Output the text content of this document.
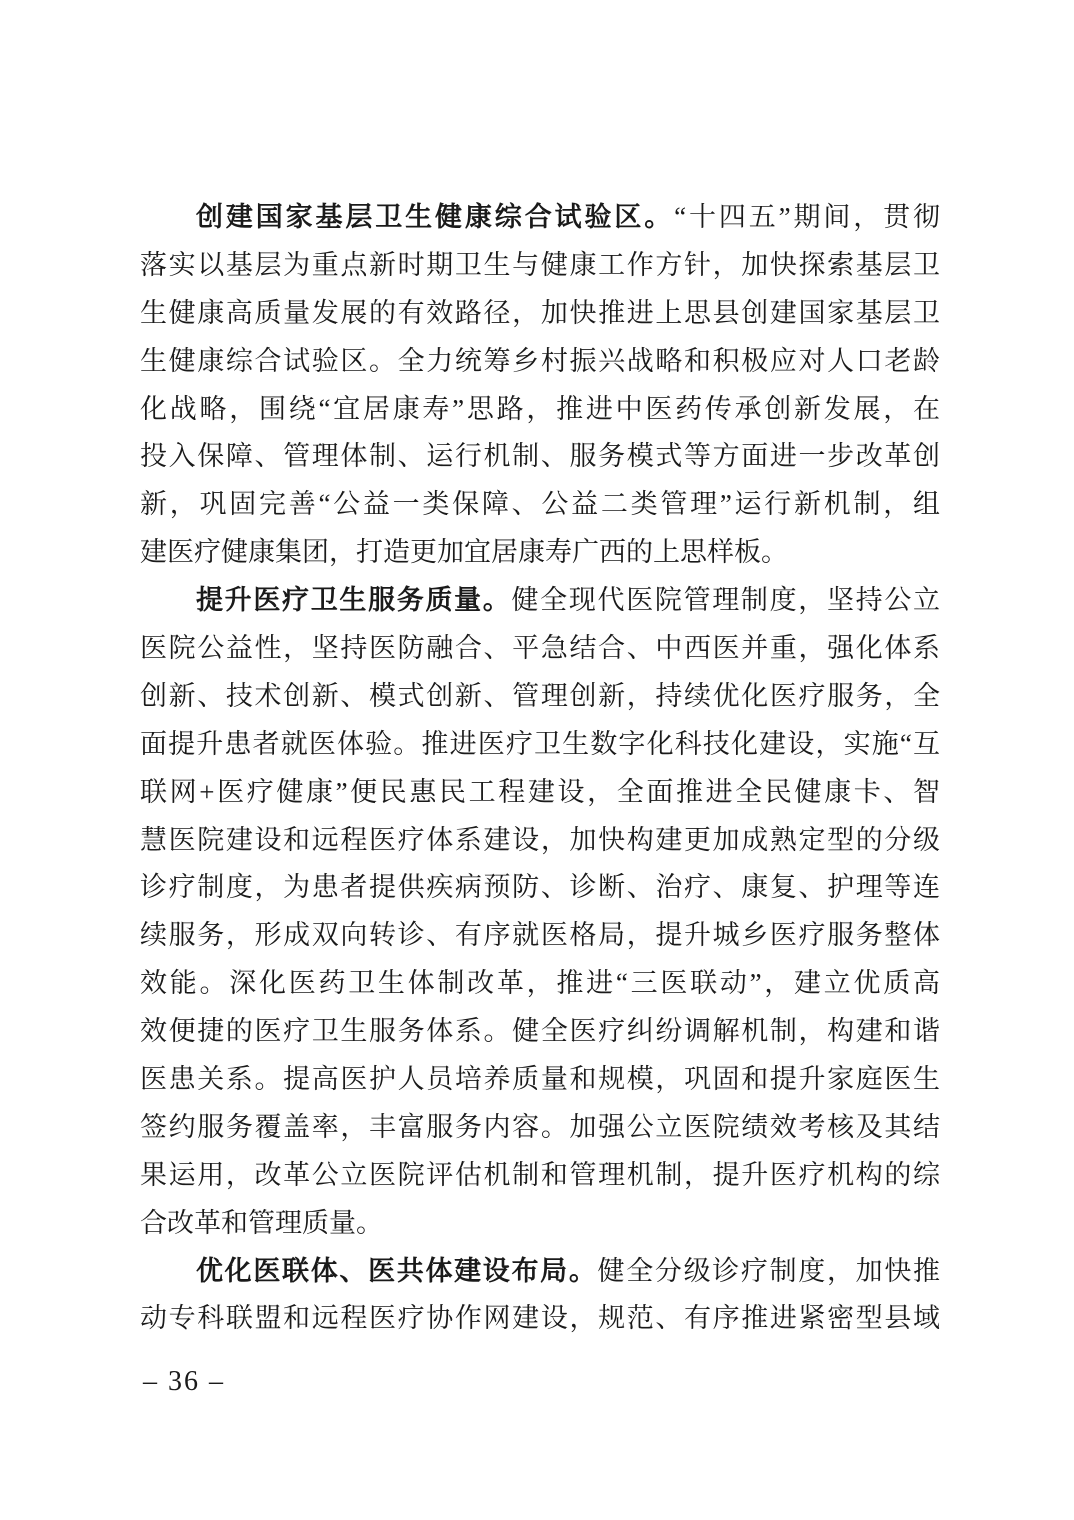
创建国家基层卫生健康综合试验区。“十四五”期间，贯彻
落实以基层为重点新时期卫生与健康工作方针，加快探索基层卫
生健康高质量发展的有效路径，加快推进上思县创建国家基层卫
生健康综合试验区。全力统筹乡村振兴战略和积极应对人口老龄
化战略，围绕“宜居康寿”思路，推进中医药传承创新发展，在
投入保障、管理体制、运行机制、服务模式等方面进一步改革创
新，巩固完善“公益一类保障、公益二类管理”运行新机制，组
建医疗健康集团，打造更加宜居康寿广西的上思样板。
提升医疗卫生服务质量。健全现代医院管理制度，坚持公立
医院公益性，坚持医防融合、平急结合、中西医并重，强化体系
创新、技术创新、模式创新、管理创新，持续优化医疗服务，全
面提升患者就医体验。推进医疗卫生数字化科技化建设，实施“互
联网+医疗健康”便民惠民工程建设，全面推进全民健康卡、智
慧医院建设和远程医疗体系建设，加快构建更加成熟定型的分级
诊疗制度，为患者提供疾病预防、诊断、治疗、康复、护理等连
续服务，形成双向转诊、有序就医格局，提升城乡医疗服务整体
效能。深化医药卫生体制改革，推进“三医联动”，建立优质高
效便捷的医疗卫生服务体系。健全医疗纠纷调解机制，构建和谐
医患关系。提高医护人员培养质量和规模，巩固和提升家庭医生
签约服务覆盖率，丰富服务内容。加强公立医院绩效考核及其结
果运用，改革公立医院评估机制和管理机制，提升医疗机构的综
合改革和管理质量。
优化医联体、医共体建设布局。健全分级诊疗制度，加快推
动专科联盟和远程医疗协作网建设，规范、有序推进紧密型县域
– 36 –
